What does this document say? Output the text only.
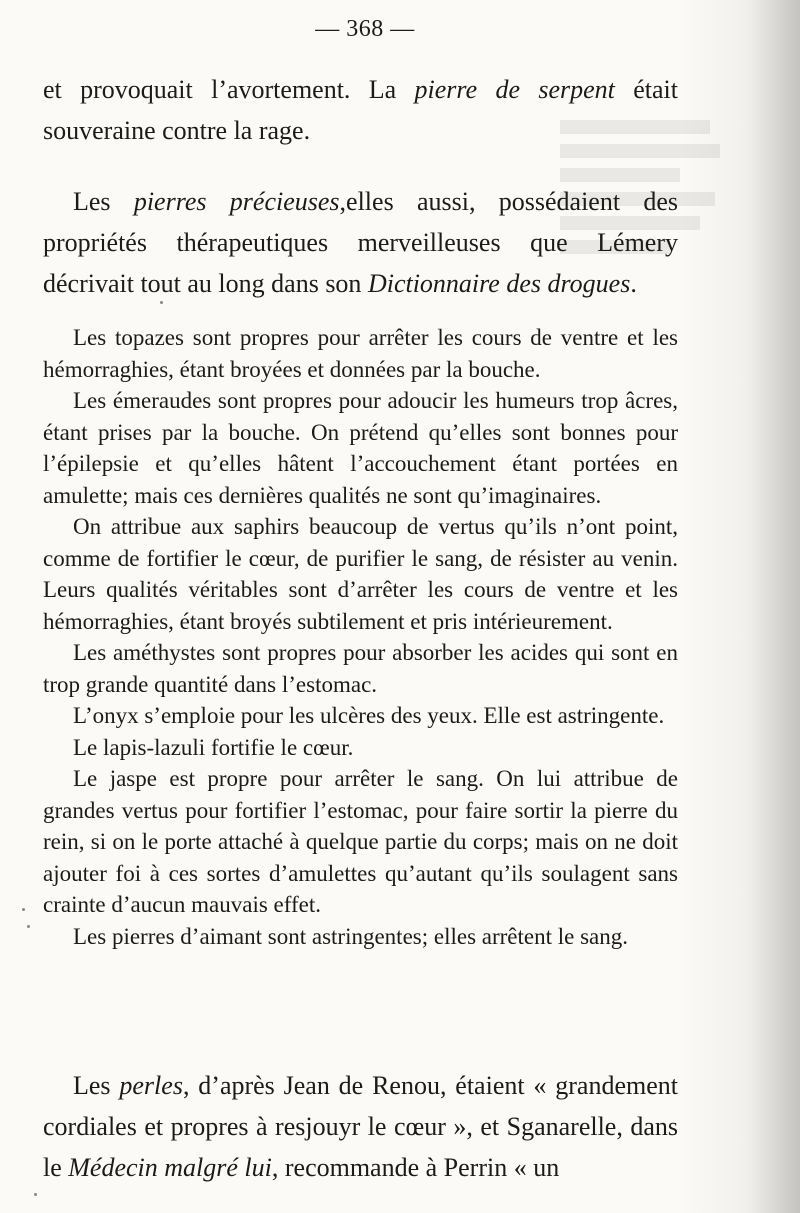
— 368 —

et provoquait l’avortement. La pierre de serpent était souveraine contre la rage.

Les pierres précieuses,elles aussi, possédaient des propriétés thérapeutiques merveilleuses que Lémery décrivait tout au long dans son Dictionnaire des drogues.

Les topazes sont propres pour arrêter les cours de ventre et les hémorraghies, étant broyées et données par la bouche.

Les émeraudes sont propres pour adoucir les humeurs trop âcres, étant prises par la bouche. On prétend qu’elles sont bonnes pour l’épilepsie et qu’elles hâtent l’accouchement étant portées en amulette; mais ces dernières qualités ne sont qu’imaginaires.

On attribue aux saphirs beaucoup de vertus qu’ils n’ont point, comme de fortifier le cœur, de purifier le sang, de résister au venin. Leurs qualités véritables sont d’arrêter les cours de ventre et les hémorraghies, étant broyés subtilement et pris intérieurement.

Les améthystes sont propres pour absorber les acides qui sont en trop grande quantité dans l’estomac.

L’onyx s’emploie pour les ulcères des yeux. Elle est astringente.

Le lapis-lazuli fortifie le cœur.

Le jaspe est propre pour arrêter le sang. On lui attribue de grandes vertus pour fortifier l’estomac, pour faire sortir la pierre du rein, si on le porte attaché à quelque partie du corps; mais on ne doit ajouter foi à ces sortes d’amulettes qu’autant qu’ils soulagent sans crainte d’aucun mauvais effet.

Les pierres d’aimant sont astringentes; elles arrêtent le sang.

Les perles, d’après Jean de Renou, étaient « grandement cordiales et propres à resjouyr le cœur », et Sganarelle, dans le Médecin malgré lui, recommande à Perrin « un
